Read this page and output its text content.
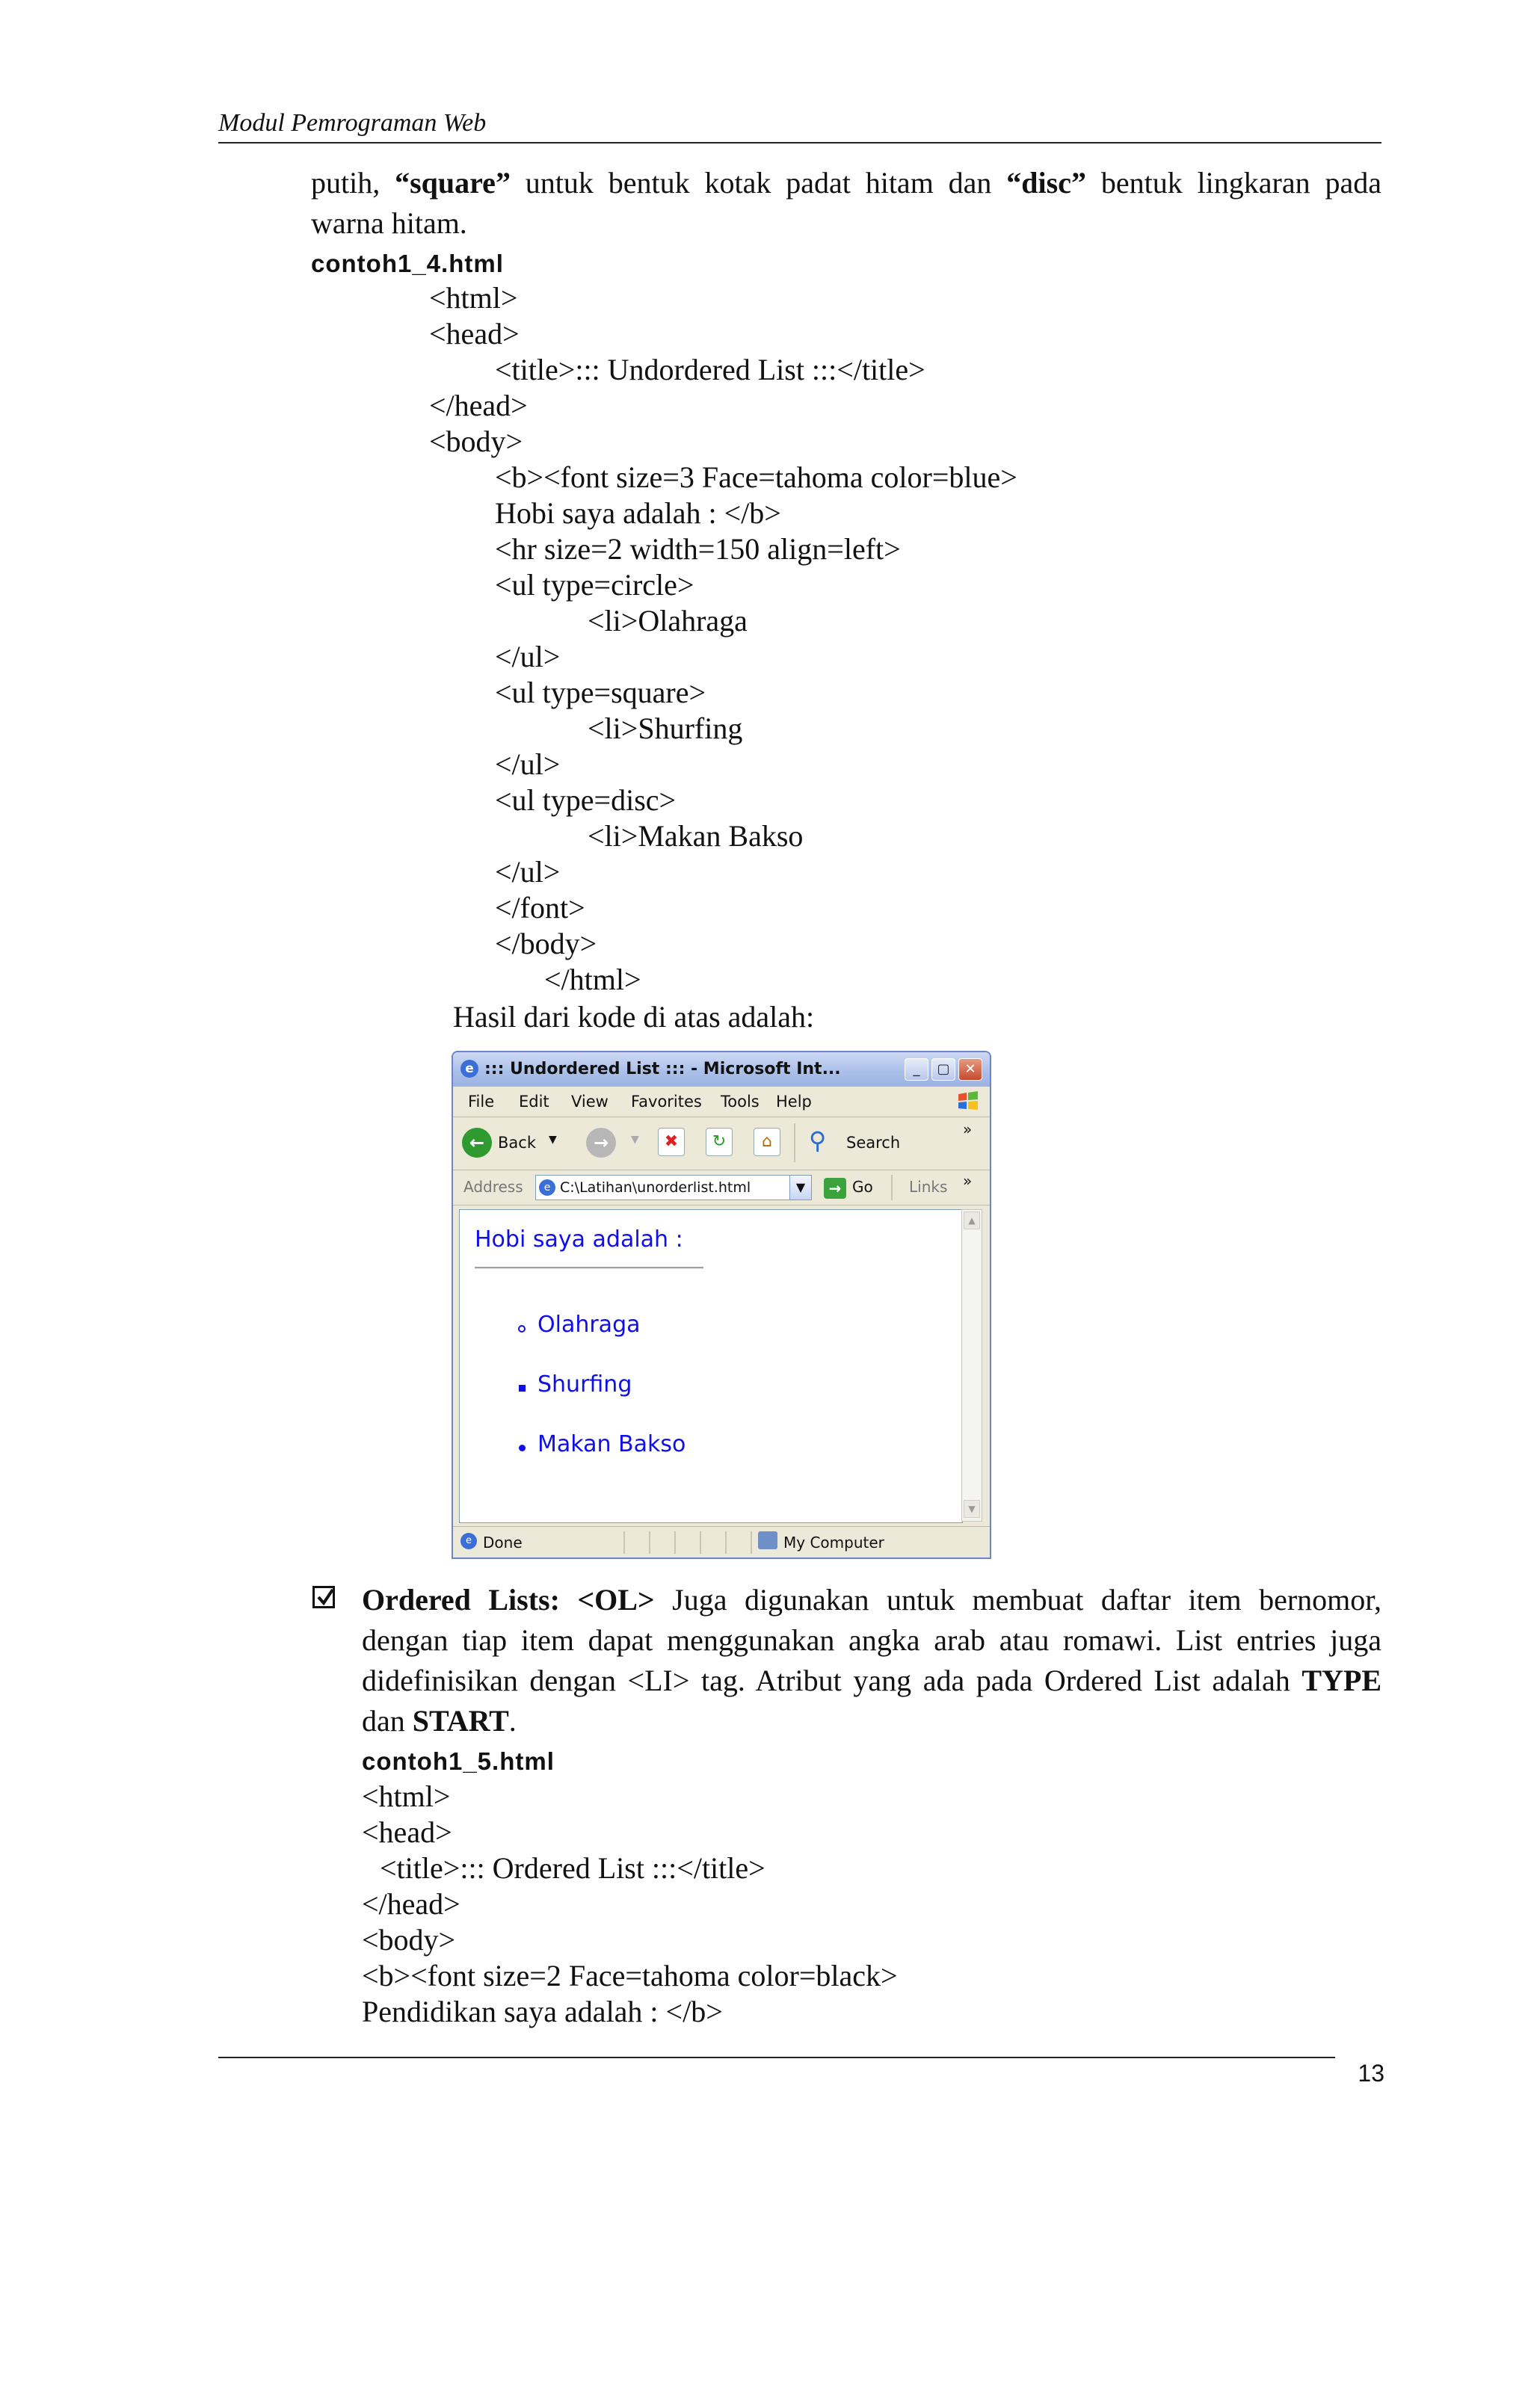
Modul Pemrograman Web
putih, “square” untuk bentuk kotak padat hitam dan “disc” bentuk lingkaran pada
warna hitam.
contoh1_4.html
<html>
<head>
<title>::: Undordered List :::</title>
</head>
<body>
<b><font size=3 Face=tahoma color=blue>
Hobi saya adalah : </b>
<hr size=2 width=150 align=left>
<ul type=circle>
<li>Olahraga
</ul>
<ul type=square>
<li>Shurfing
</ul>
<ul type=disc>
<li>Makan Bakso
</ul>
</font>
</body>
</html>
Hasil dari kode di atas adalah:
e ::: Undordered List ::: - Microsoft Int...	_	▢	✕
File Edit View Favorites Tools Help
← Back ▼	→	▼	✖	↻	⌂	⚲ Search
»
Address	e C:\Latihan\unorderlist.html	▼	→ Go Links »
Hobi saya adalah :
Olahraga
Shurfing
Makan Bakso
▲
▼
e Done	My Computer
Ordered Lists: <OL> Juga digunakan untuk membuat daftar item bernomor,
dengan tiap item dapat menggunakan angka arab atau romawi. List entries juga
didefinisikan dengan <LI> tag. Atribut yang ada pada Ordered List adalah TYPE
dan START.
contoh1_5.html
<html>
<head>
<title>::: Ordered List :::</title>
</head>
<body>
<b><font size=2 Face=tahoma color=black>
Pendidikan saya adalah : </b>
13
